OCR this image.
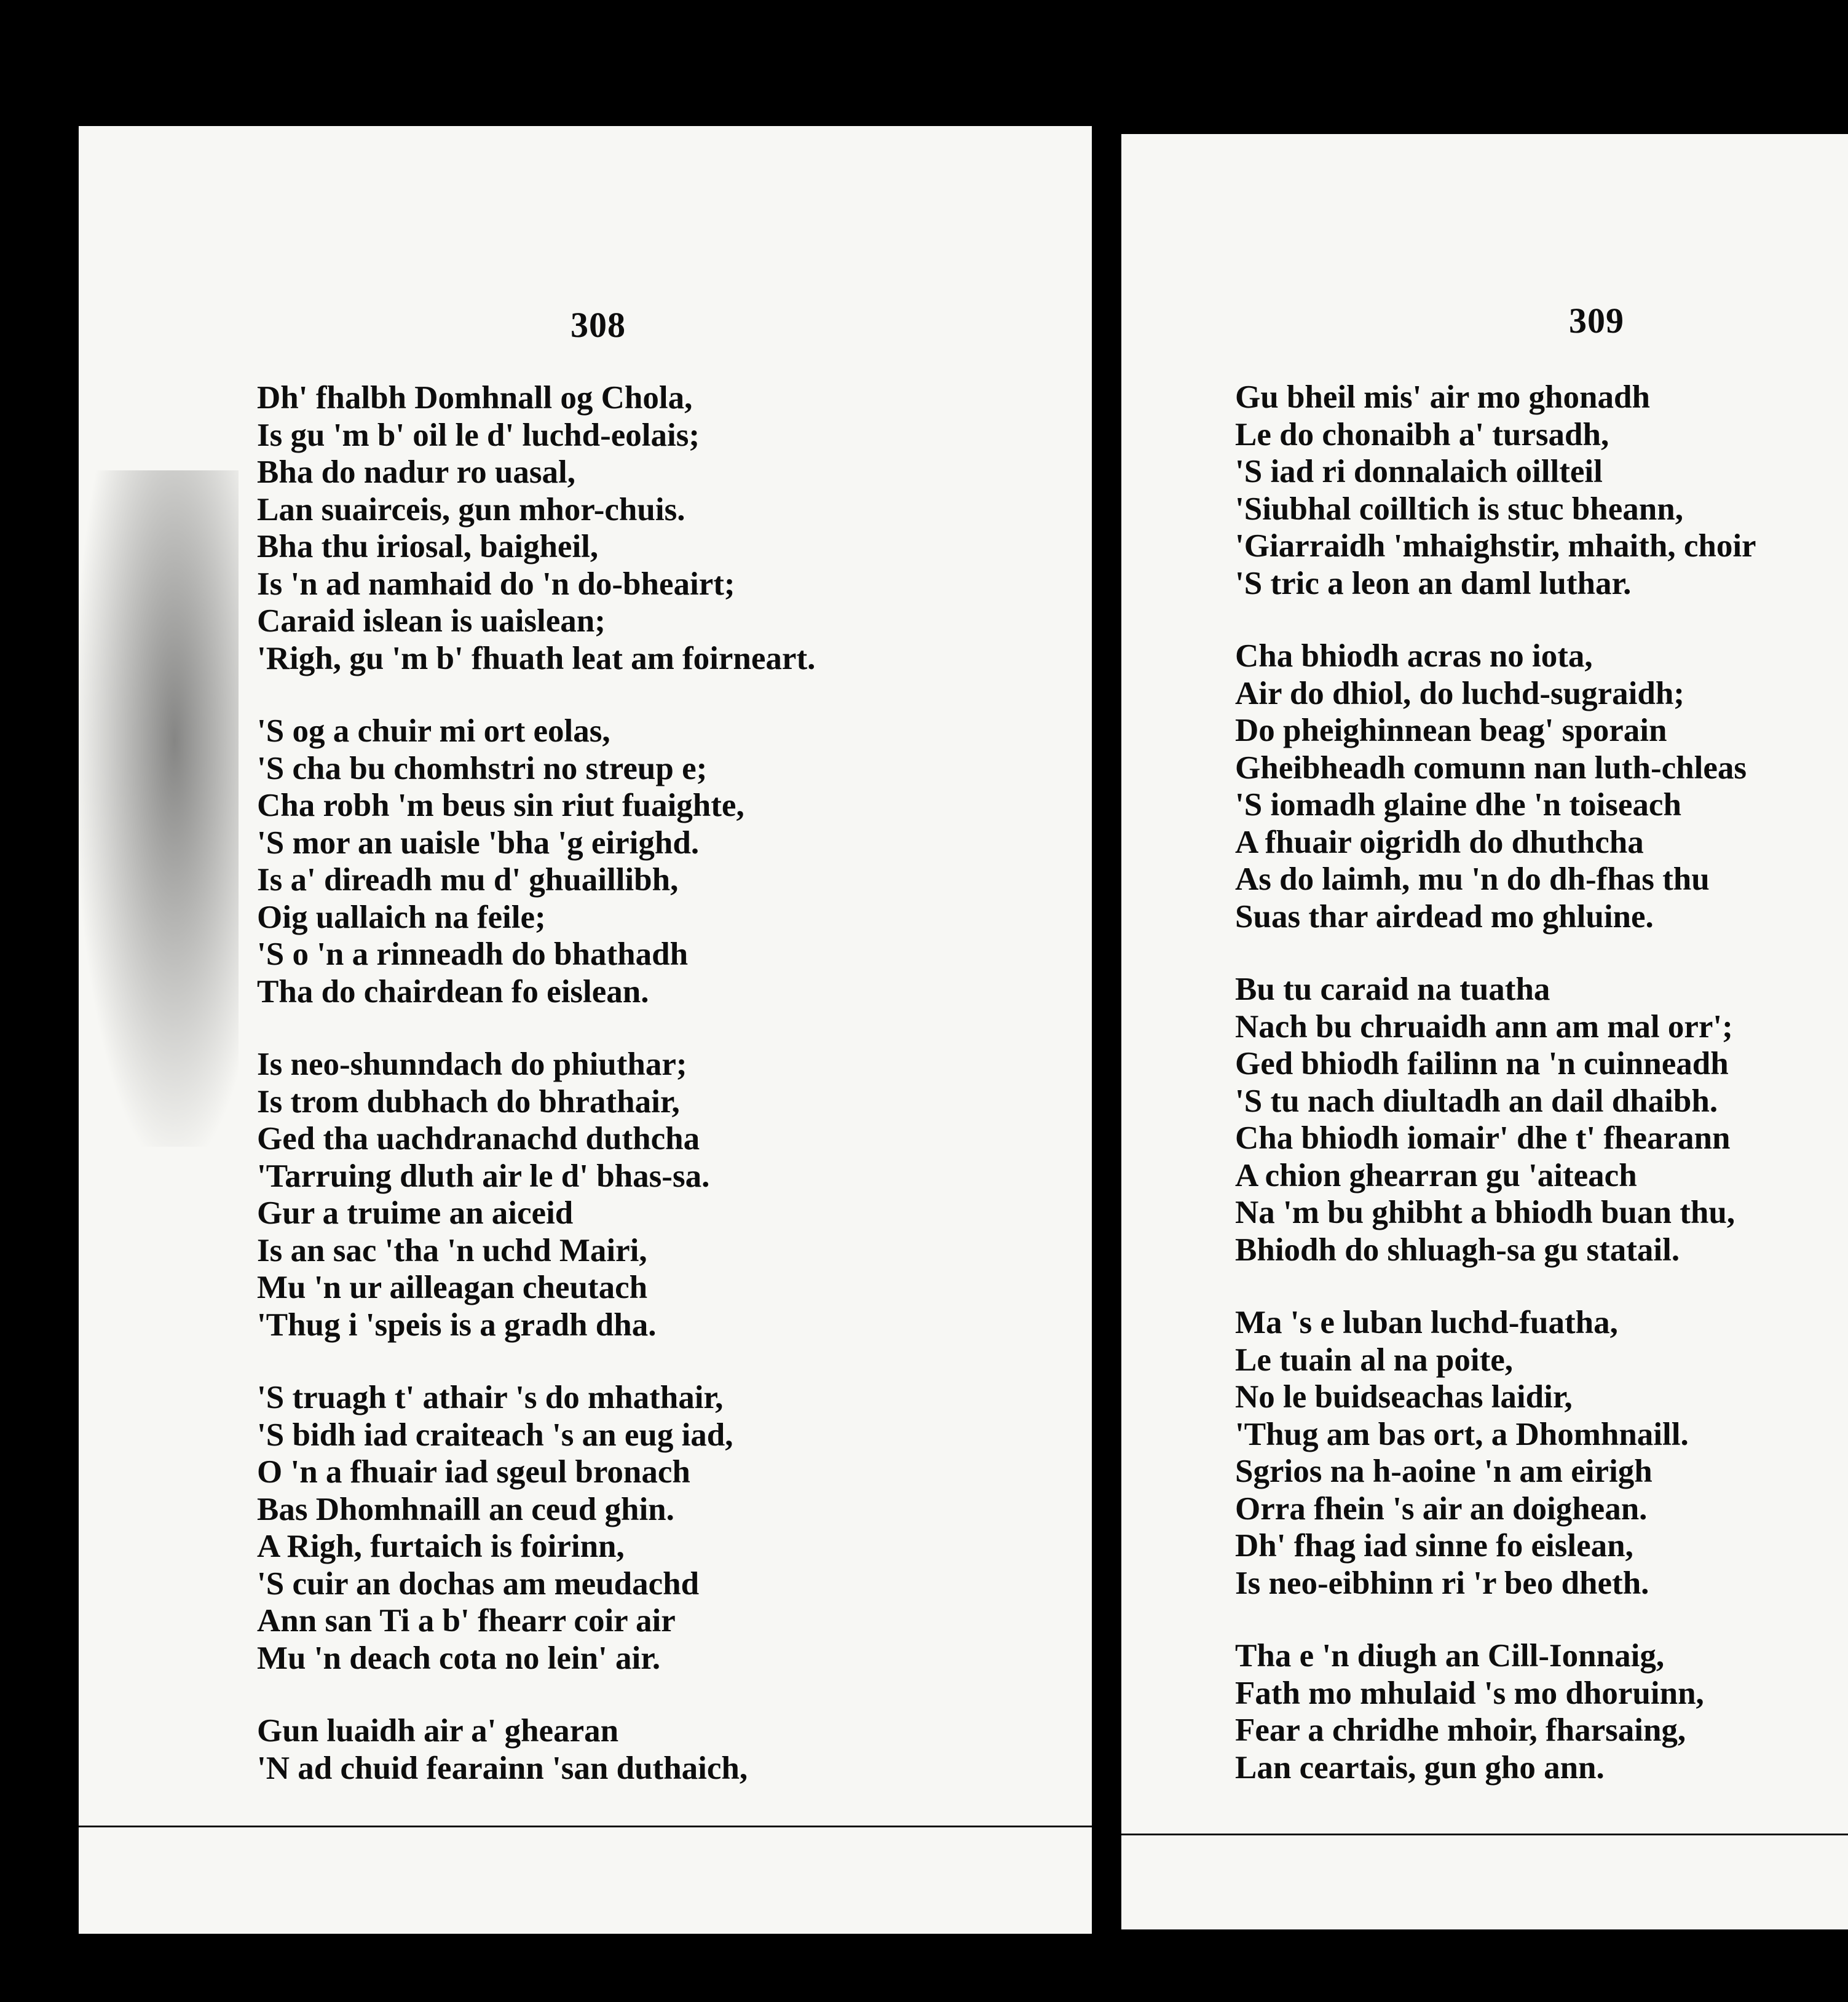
308
Dh' fhalbh Domhnall og Chola,
Is gu 'm b' oil le d' luchd-eolais;
Bha do nadur ro uasal,
Lan suairceis, gun mhor-chuis.
Bha thu iriosal, baigheil,
Is 'n ad namhaid do 'n do-bheairt;
Caraid islean is uaislean;
'Righ, gu 'm b' fhuath leat am foirneart.
'S og a chuir mi ort eolas,
'S cha bu chomhstri no streup e;
Cha robh 'm beus sin riut fuaighte,
'S mor an uaisle 'bha 'g eirighd.
Is a' direadh mu d' ghuaillibh,
Oig uallaich na feile;
'S o 'n a rinneadh do bhathadh
Tha do chairdean fo eislean.
Is neo-shunndach do phiuthar;
Is trom dubhach do bhrathair,
Ged tha uachdranachd duthcha
'Tarruing dluth air le d' bhas-sa.
Gur a truime an aiceid
Is an sac 'tha 'n uchd Mairi,
Mu 'n ur ailleagan cheutach
'Thug i 'speis is a gradh dha.
'S truagh t' athair 's do mhathair,
'S bidh iad craiteach 's an eug iad,
O 'n a fhuair iad sgeul bronach
Bas Dhomhnaill an ceud ghin.
A Righ, furtaich is foirinn,
'S cuir an dochas am meudachd
Ann san Ti a b' fhearr coir air
Mu 'n deach cota no lein' air.
Gun luaidh air a' ghearan
'N ad chuid fearainn 'san duthaich,
309
Gu bheil mis' air mo ghonadh
Le do chonaibh a' tursadh,
'S iad ri donnalaich oillteil
'Siubhal coilltich is stuc bheann,
'Giarraidh 'mhaighstir, mhaith, choir
'S tric a leon an daml luthar.
Cha bhiodh acras no iota,
Air do dhiol, do luchd-sugraidh;
Do pheighinnean beag' sporain
Gheibheadh comunn nan luth-chleas
'S iomadh glaine dhe 'n toiseach
A fhuair oigridh do dhuthcha
As do laimh, mu 'n do dh-fhas thu
Suas thar airdead mo ghluine.
Bu tu caraid na tuatha
Nach bu chruaidh ann am mal orr';
Ged bhiodh failinn na 'n cuinneadh
'S tu nach diultadh an dail dhaibh.
Cha bhiodh iomair' dhe t' fhearann
A chion ghearran gu 'aiteach
Na 'm bu ghibht a bhiodh buan thu,
Bhiodh do shluagh-sa gu statail.
Ma 's e luban luchd-fuatha,
Le tuain al na poite,
No le buidseachas laidir,
'Thug am bas ort, a Dhomhnaill.
Sgrios na h-aoine 'n am eirigh
Orra fhein 's air an doighean.
Dh' fhag iad sinne fo eislean,
Is neo-eibhinn ri 'r beo dheth.
Tha e 'n diugh an Cill-Ionnaig,
Fath mo mhulaid 's mo dhoruinn,
Fear a chridhe mhoir, fharsaing,
Lan ceartais, gun gho ann.
